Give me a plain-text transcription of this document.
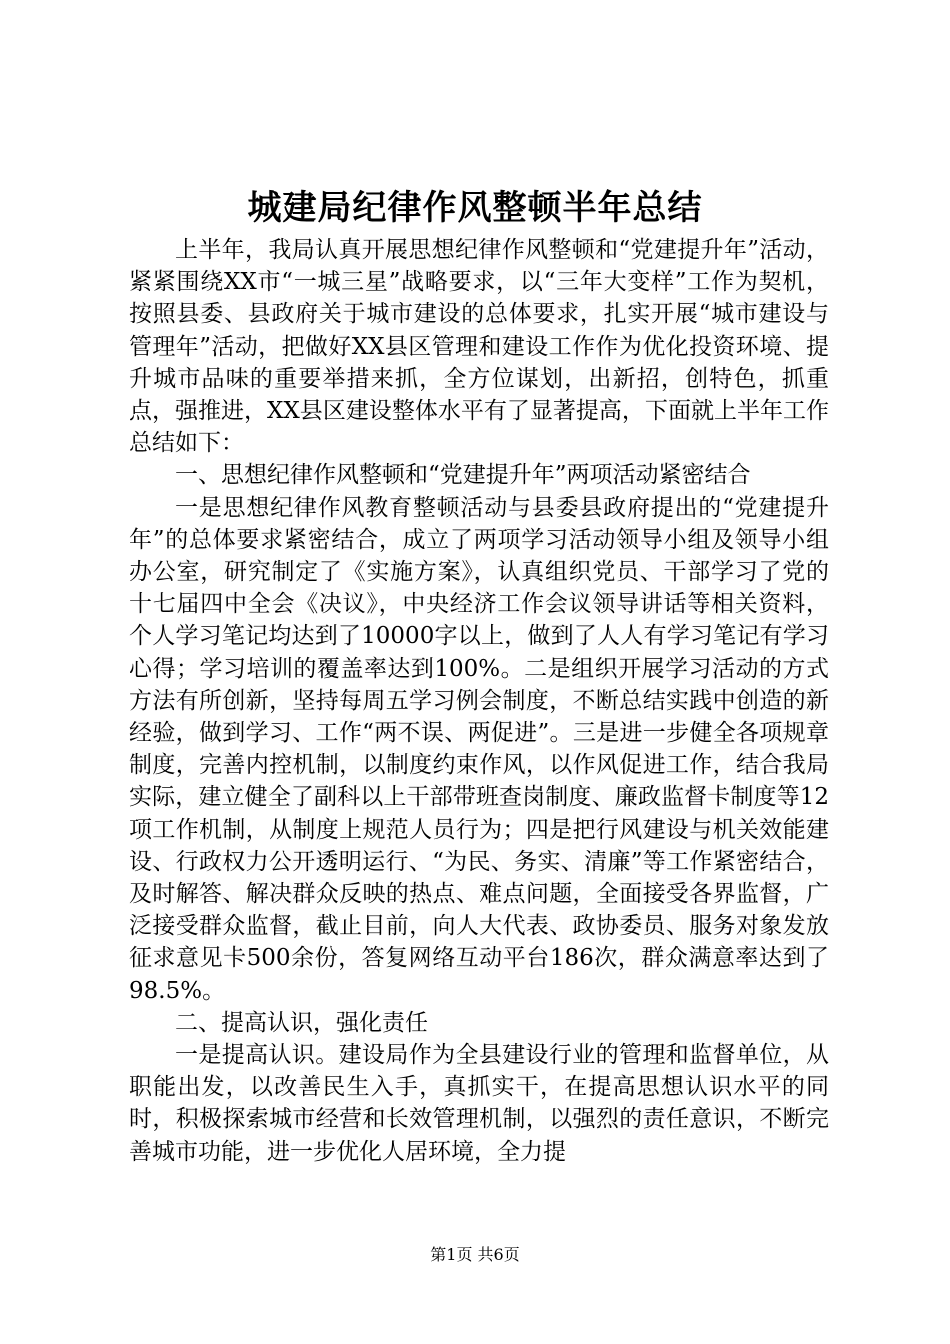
城建局纪律作风整顿半年总结

上半年，我局认真开展思想纪律作风整顿和“党建提升年”活动，紧紧围绕XX市“一城三星”战略要求，以“三年大变样”工作为契机，按照县委、县政府关于城市建设的总体要求，扎实开展“城市建设与管理年”活动，把做好XX县区管理和建设工作作为优化投资环境、提升城市品味的重要举措来抓，全方位谋划，出新招，创特色，抓重点，强推进，XX县区建设整体水平有了显著提高，下面就上半年工作总结如下：

一、思想纪律作风整顿和“党建提升年”两项活动紧密结合

一是思想纪律作风教育整顿活动与县委县政府提出的“党建提升年”的总体要求紧密结合，成立了两项学习活动领导小组及领导小组办公室，研究制定了《实施方案》，认真组织党员、干部学习了党的十七届四中全会《决议》，中央经济工作会议领导讲话等相关资料，个人学习笔记均达到了10000字以上，做到了人人有学习笔记有学习心得；学习培训的覆盖率达到100%。二是组织开展学习活动的方式方法有所创新，坚持每周五学习例会制度，不断总结实践中创造的新经验，做到学习、工作“两不误、两促进”。三是进一步健全各项规章制度，完善内控机制，以制度约束作风，以作风促进工作，结合我局实际，建立健全了副科以上干部带班查岗制度、廉政监督卡制度等12项工作机制，从制度上规范人员行为；四是把行风建设与机关效能建设、行政权力公开透明运行、“为民、务实、清廉”等工作紧密结合，及时解答、解决群众反映的热点、难点问题，全面接受各界监督，广泛接受群众监督，截止目前，向人大代表、政协委员、服务对象发放征求意见卡500余份，答复网络互动平台186次，群众满意率达到了98.5%。

二、提高认识，强化责任

一是提高认识。建设局作为全县建设行业的管理和监督单位，从职能出发，以改善民生入手，真抓实干，在提高思想认识水平的同时，积极探索城市经营和长效管理机制，以强烈的责任意识，不断完善城市功能，进一步优化人居环境，全力提

第1页 共6页
